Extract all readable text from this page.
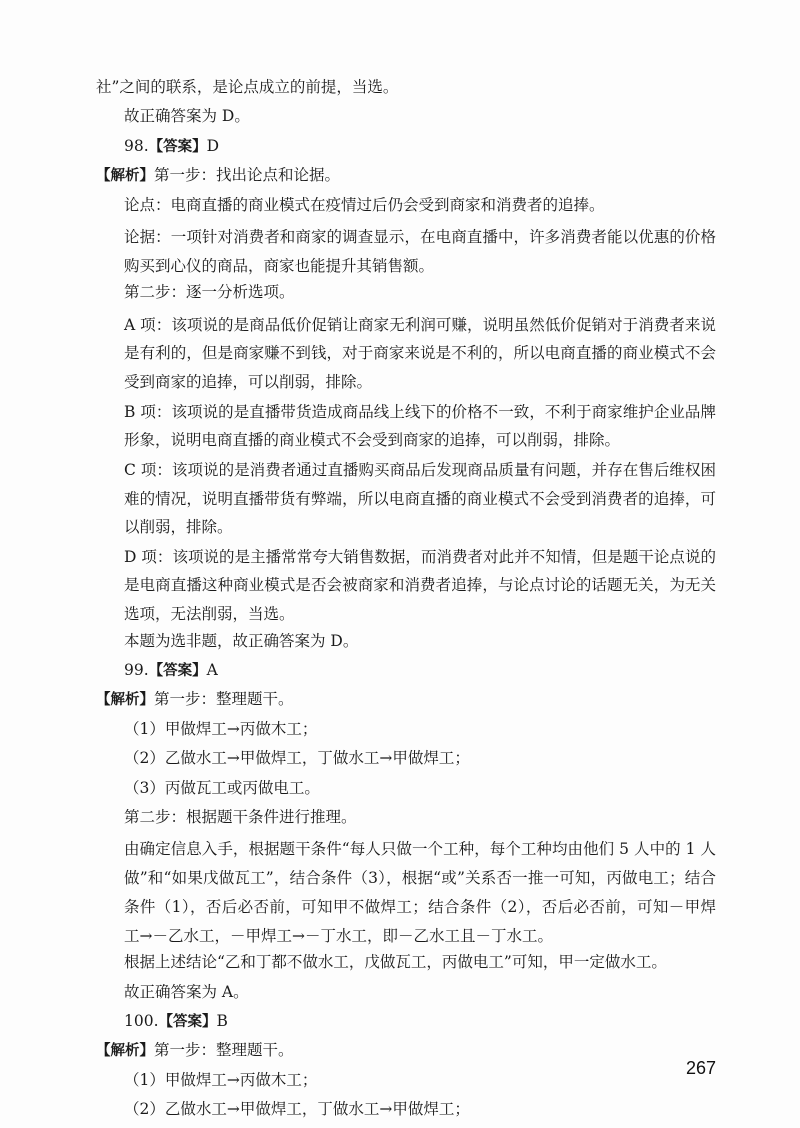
社”之间的联系，是论点成立的前提，当选。
故正确答案为 D。
98.【答案】D
【解析】第一步：找出论点和论据。
论点：电商直播的商业模式在疫情过后仍会受到商家和消费者的追捧。
论据：一项针对消费者和商家的调查显示，在电商直播中，许多消费者能以优惠的价格购买到心仪的商品，商家也能提升其销售额。
第二步：逐一分析选项。
A 项：该项说的是商品低价促销让商家无利润可赚，说明虽然低价促销对于消费者来说是有利的，但是商家赚不到钱，对于商家来说是不利的，所以电商直播的商业模式不会受到商家的追捧，可以削弱，排除。
B 项：该项说的是直播带货造成商品线上线下的价格不一致，不利于商家维护企业品牌形象，说明电商直播的商业模式不会受到商家的追捧，可以削弱，排除。
C 项：该项说的是消费者通过直播购买商品后发现商品质量有问题，并存在售后维权困难的情况，说明直播带货有弊端，所以电商直播的商业模式不会受到消费者的追捧，可以削弱，排除。
D 项：该项说的是主播常常夸大销售数据，而消费者对此并不知情，但是题干论点说的是电商直播这种商业模式是否会被商家和消费者追捧，与论点讨论的话题无关，为无关选项，无法削弱，当选。
本题为选非题，故正确答案为 D。
99.【答案】A
【解析】第一步：整理题干。
（1）甲做焊工→丙做木工；
（2）乙做水工→甲做焊工，丁做水工→甲做焊工；
（3）丙做瓦工或丙做电工。
第二步：根据题干条件进行推理。
由确定信息入手，根据题干条件“每人只做一个工种，每个工种均由他们 5 人中的 1 人做”和“如果戊做瓦工”，结合条件（3），根据“或”关系否一推一可知，丙做电工；结合条件（1），否后必否前，可知甲不做焊工；结合条件（2），否后必否前，可知－甲焊工→－乙水工，－甲焊工→－丁水工，即－乙水工且－丁水工。
根据上述结论“乙和丁都不做水工，戊做瓦工，丙做电工”可知，甲一定做水工。
故正确答案为 A。
100.【答案】B
【解析】第一步：整理题干。
（1）甲做焊工→丙做木工；
（2）乙做水工→甲做焊工，丁做水工→甲做焊工；
267
